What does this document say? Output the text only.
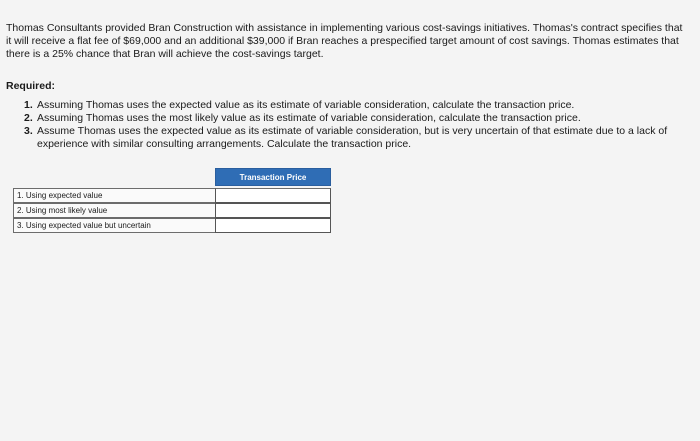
Thomas Consultants provided Bran Construction with assistance in implementing various cost-savings initiatives. Thomas's contract specifies that it will receive a flat fee of $69,000 and an additional $39,000 if Bran reaches a prespecified target amount of cost savings. Thomas estimates that there is a 25% chance that Bran will achieve the cost-savings target.

Required:

1. Assuming Thomas uses the expected value as its estimate of variable consideration, calculate the transaction price.
2. Assuming Thomas uses the most likely value as its estimate of variable consideration, calculate the transaction price.
3. Assume Thomas uses the expected value as its estimate of variable consideration, but is very uncertain of that estimate due to a lack of experience with similar consulting arrangements. Calculate the transaction price.
	Transaction Price

1. Using expected value	
2. Using most likely value	
3. Using expected value but uncertain	
